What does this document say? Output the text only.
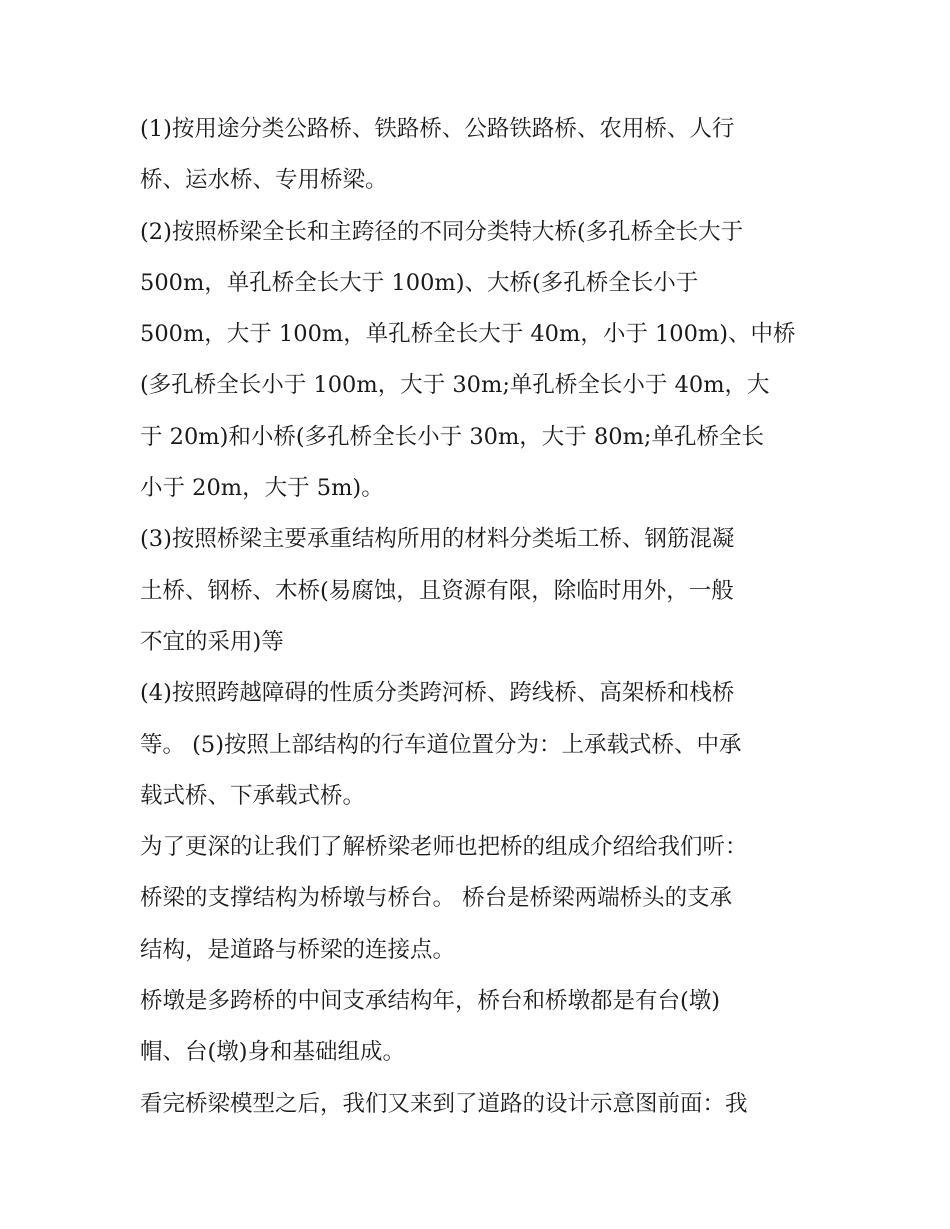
(1)按用途分类公路桥、铁路桥、公路铁路桥、农用桥、人行
桥、运水桥、专用桥梁。
(2)按照桥梁全长和主跨径的不同分类特大桥(多孔桥全长大于
500m，单孔桥全长大于 100m)、大桥(多孔桥全长小于
500m，大于 100m，单孔桥全长大于 40m，小于 100m)、中桥
(多孔桥全长小于 100m，大于 30m;单孔桥全长小于 40m，大
于 20m)和小桥(多孔桥全长小于 30m，大于 80m;单孔桥全长
小于 20m，大于 5m)。
(3)按照桥梁主要承重结构所用的材料分类垢工桥、钢筋混凝
土桥、钢桥、木桥(易腐蚀，且资源有限，除临时用外，一般
不宜的采用)等
(4)按照跨越障碍的性质分类跨河桥、跨线桥、高架桥和栈桥
等。 (5)按照上部结构的行车道位置分为：上承载式桥、中承
载式桥、下承载式桥。
为了更深的让我们了解桥梁老师也把桥的组成介绍给我们听：
桥梁的支撑结构为桥墩与桥台。 桥台是桥梁两端桥头的支承
结构，是道路与桥梁的连接点。
桥墩是多跨桥的中间支承结构年，桥台和桥墩都是有台(墩)
帽、台(墩)身和基础组成。
看完桥梁模型之后，我们又来到了道路的设计示意图前面：我
